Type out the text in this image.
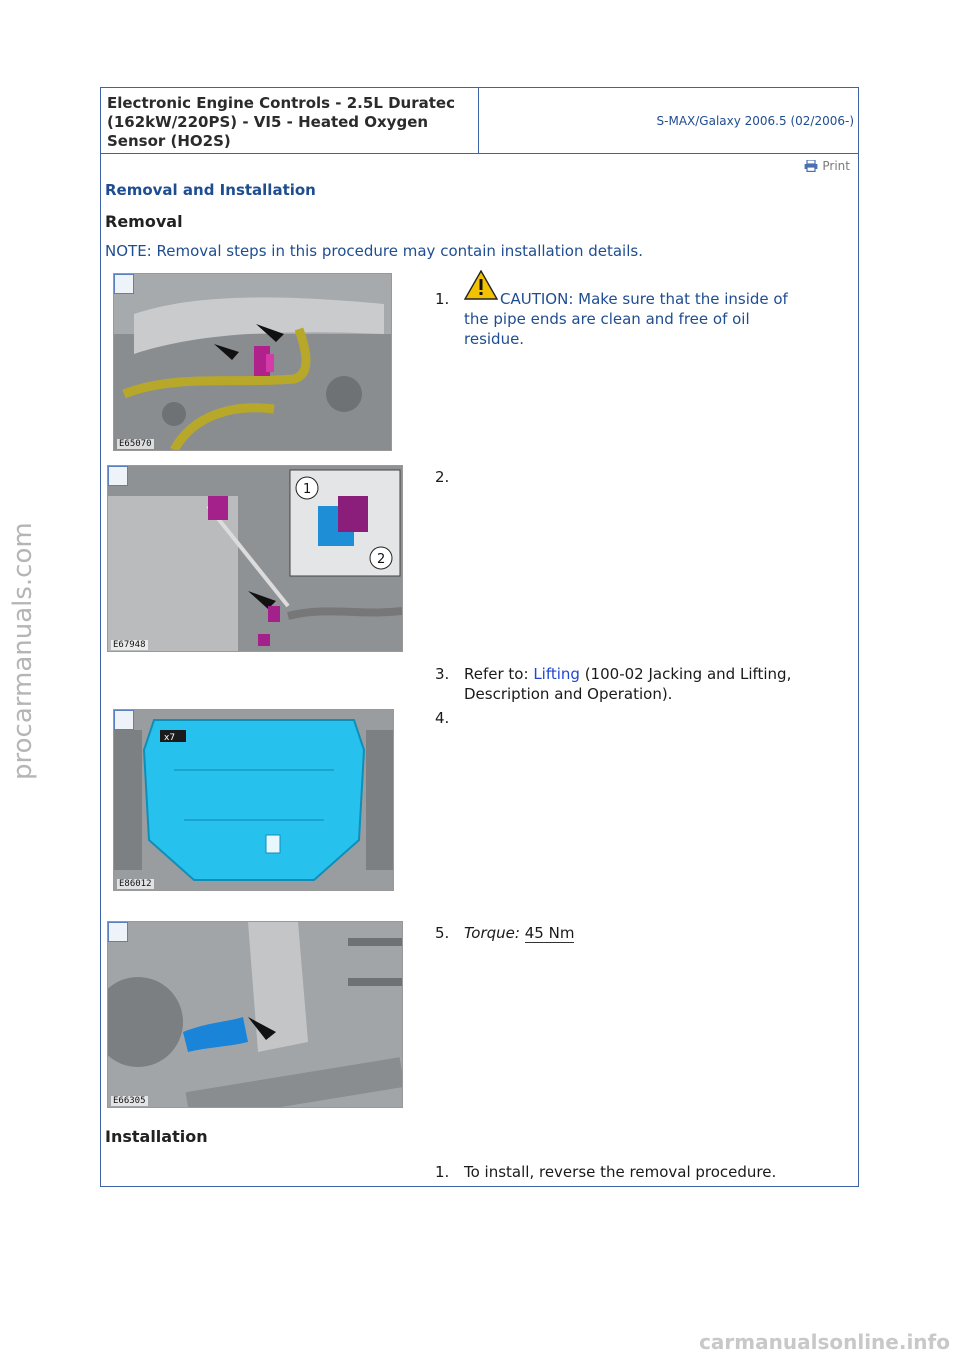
Electronic Engine Controls - 2.5L Duratec
(162kW/220PS) - VI5 - Heated Oxygen
Sensor (HO2S)
S-MAX/Galaxy 2006.5 (02/2006-)
Print
Removal and Installation
Removal
NOTE: Removal steps in this procedure may contain installation details.
E65070
1
2
E67948
x7
E86012
E66305
1.	CAUTION: Make sure that the inside of
the pipe ends are clean and free of oil
residue.
2.
3. Refer to: Lifting (100-02 Jacking and Lifting,
Description and Operation).
4.
5. Torque: 45 Nm
Installation
1. To install, reverse the removal procedure.
procarmanuals.com
carmanualsonline.info
